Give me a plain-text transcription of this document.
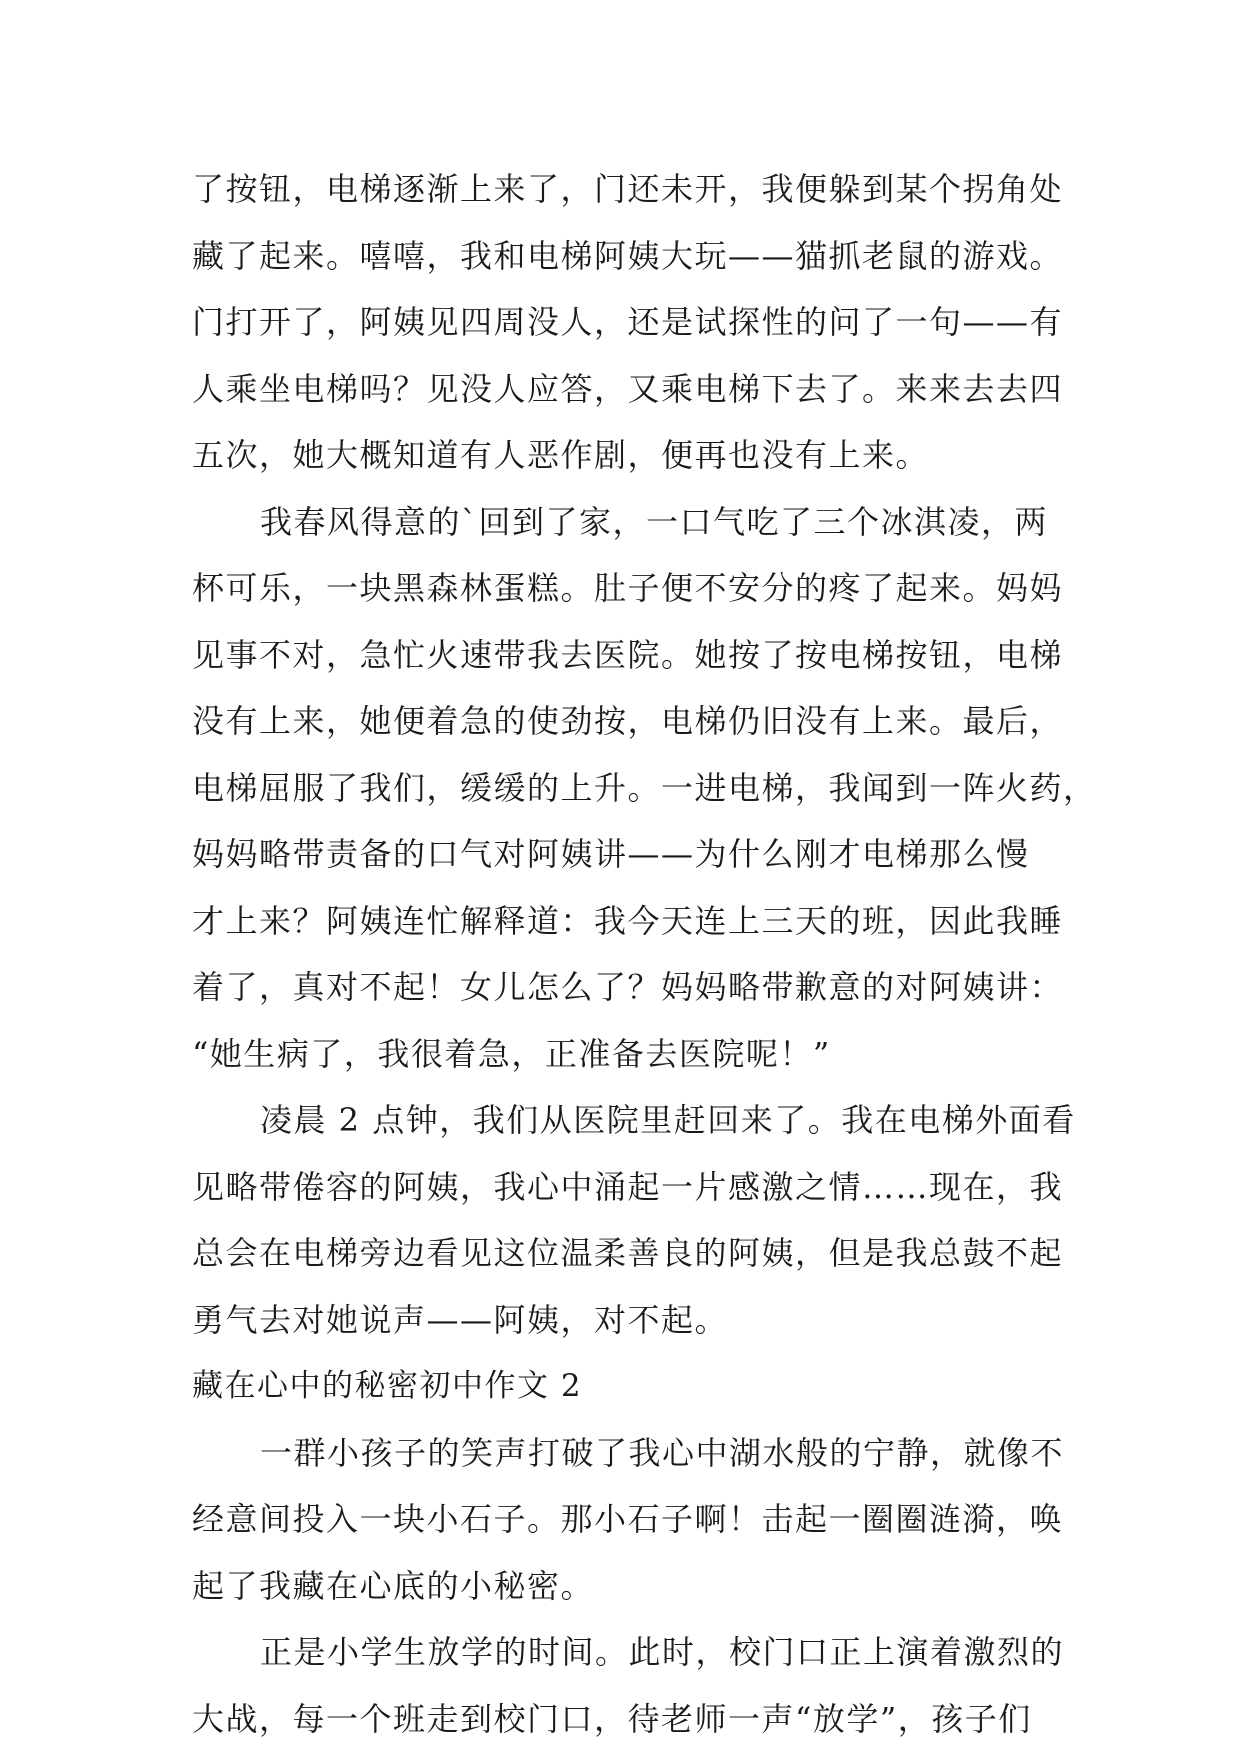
了按钮，电梯逐渐上来了，门还未开，我便躲到某个拐角处
藏了起来。嘻嘻，我和电梯阿姨大玩——猫抓老鼠的游戏。
门打开了，阿姨见四周没人，还是试探性的问了一句——有
人乘坐电梯吗？见没人应答，又乘电梯下去了。来来去去四
五次，她大概知道有人恶作剧，便再也没有上来。
我春风得意的`回到了家，一口气吃了三个冰淇凌，两
杯可乐，一块黑森林蛋糕。肚子便不安分的疼了起来。妈妈
见事不对，急忙火速带我去医院。她按了按电梯按钮，电梯
没有上来，她便着急的使劲按，电梯仍旧没有上来。最后，
电梯屈服了我们，缓缓的上升。一进电梯，我闻到一阵火药，
妈妈略带责备的口气对阿姨讲——为什么刚才电梯那么慢
才上来？阿姨连忙解释道：我今天连上三天的班，因此我睡
着了，真对不起！女儿怎么了？妈妈略带歉意的对阿姨讲：
“她生病了，我很着急，正准备去医院呢！”
凌晨 2 点钟，我们从医院里赶回来了。我在电梯外面看
见略带倦容的阿姨，我心中涌起一片感激之情……现在，我
总会在电梯旁边看见这位温柔善良的阿姨，但是我总鼓不起
勇气去对她说声——阿姨，对不起。
藏在心中的秘密初中作文 2
一群小孩子的笑声打破了我心中湖水般的宁静，就像不
经意间投入一块小石子。那小石子啊！击起一圈圈涟漪，唤
起了我藏在心底的小秘密。
正是小学生放学的时间。此时，校门口正上演着激烈的
大战，每一个班走到校门口，待老师一声“放学”，孩子们
